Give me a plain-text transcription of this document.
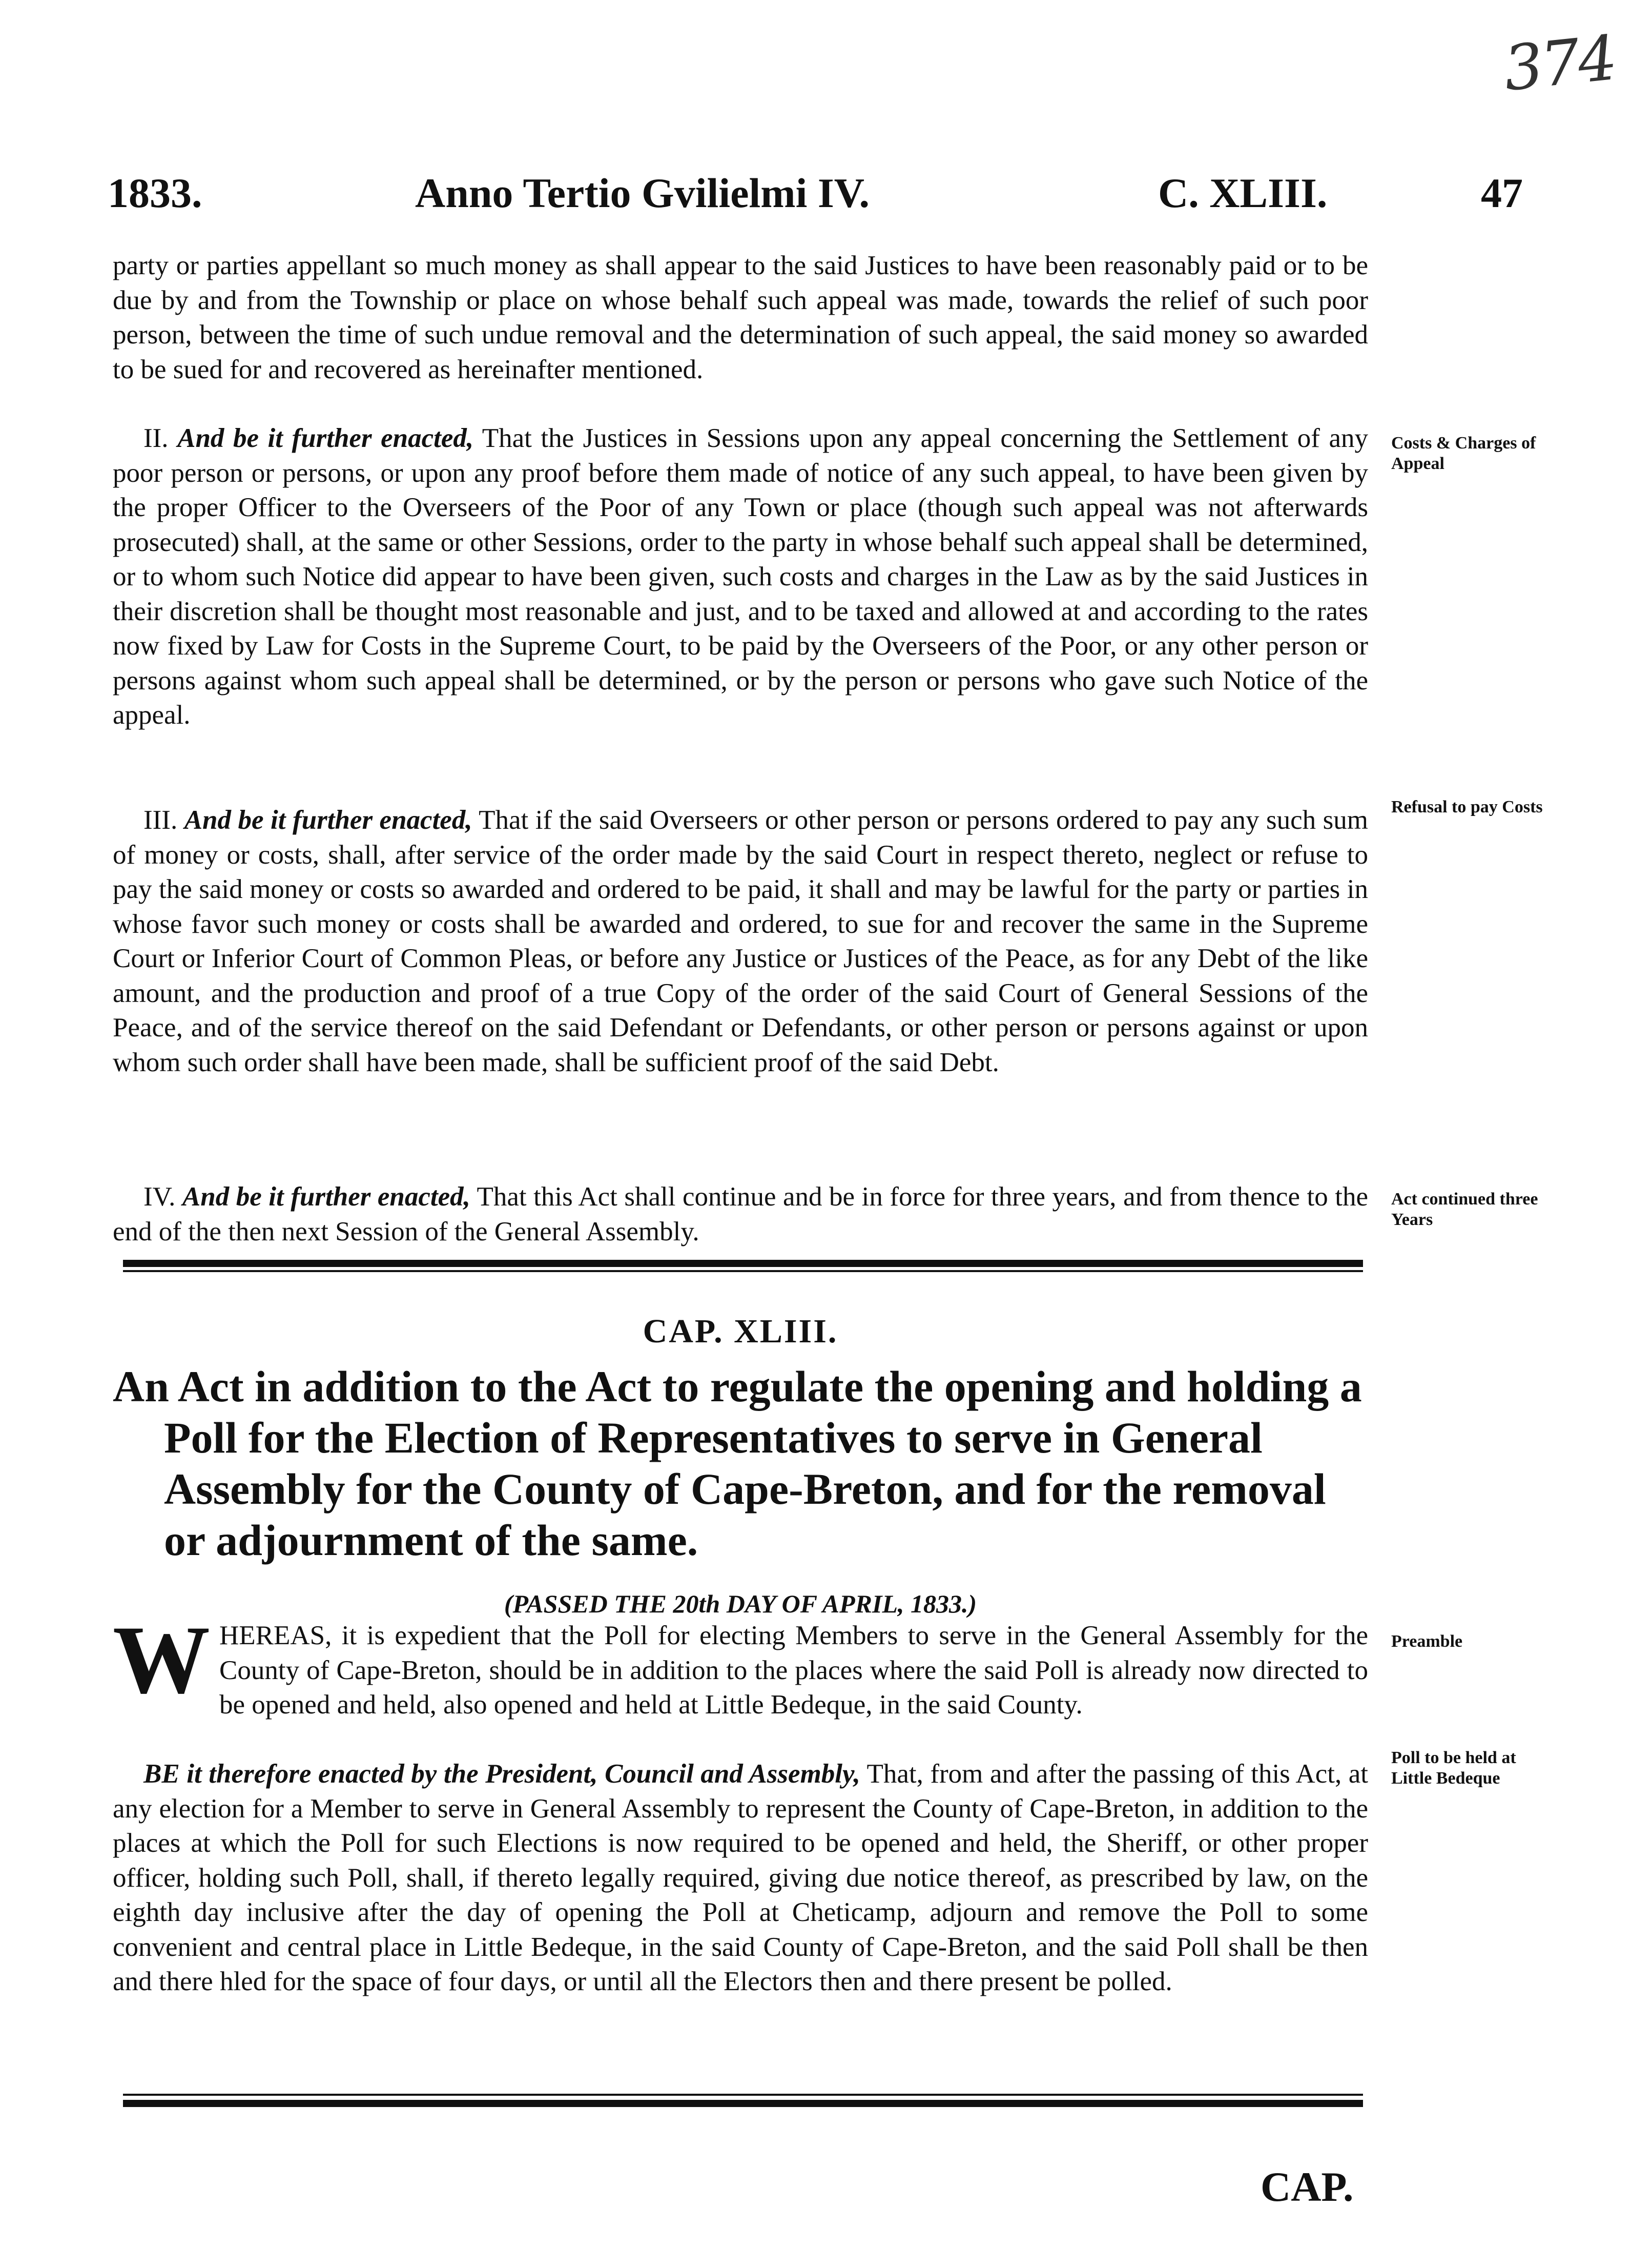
374
1833.	Anno Tertio Gvilielmi IV.	C. XLIII.	47
party or parties appellant so much money as shall appear to the said Justices to have been reasonably paid or to be due by and from the Township or place on whose behalf such appeal was made, towards the relief of such poor person, between the time of such undue removal and the determination of such appeal, the said money so awarded to be sued for and recovered as hereinafter mentioned.
II. And be it further enacted, That the Justices in Sessions upon any appeal concerning the Settlement of any poor person or persons, or upon any proof before them made of notice of any such appeal, to have been given by the proper Officer to the Overseers of the Poor of any Town or place (though such appeal was not afterwards prosecuted) shall, at the same or other Sessions, order to the party in whose behalf such appeal shall be determined, or to whom such Notice did appear to have been given, such costs and charges in the Law as by the said Justices in their discretion shall be thought most reasonable and just, and to be taxed and allowed at and according to the rates now fixed by Law for Costs in the Supreme Court, to be paid by the Overseers of the Poor, or any other person or persons against whom such appeal shall be determined, or by the person or persons who gave such Notice of the appeal.
III. And be it further enacted, That if the said Overseers or other person or persons ordered to pay any such sum of money or costs, shall, after service of the order made by the said Court in respect thereto, neglect or refuse to pay the said money or costs so awarded and ordered to be paid, it shall and may be lawful for the party or parties in whose favor such money or costs shall be awarded and ordered, to sue for and recover the same in the Supreme Court or Inferior Court of Common Pleas, or before any Justice or Justices of the Peace, as for any Debt of the like amount, and the production and proof of a true Copy of the order of the said Court of General Sessions of the Peace, and of the service thereof on the said Defendant or Defendants, or other person or persons against or upon whom such order shall have been made, shall be sufficient proof of the said Debt.
IV. And be it further enacted, That this Act shall continue and be in force for three years, and from thence to the end of the then next Session of the General Assembly.
Costs & Charges of Appeal
Refusal to pay Costs
Act continued three Years
CAP. XLIII.
An Act in addition to the Act to regulate the opening and holding a Poll for the Election of Representatives to serve in General Assembly for the County of Cape-Breton, and for the removal or adjournment of the same.
(PASSED THE 20th DAY OF APRIL, 1833.)
W HEREAS, it is expedient that the Poll for electing Members to serve in the General Assembly for the County of Cape-Breton, should be in addition to the places where the said Poll is already now directed to be opened and held, also opened and held at Little Bedeque, in the said County.
BE it therefore enacted by the President, Council and Assembly, That, from and after the passing of this Act, at any election for a Member to serve in General Assembly to represent the County of Cape-Breton, in addition to the places at which the Poll for such Elections is now required to be opened and held, the Sheriff, or other proper officer, holding such Poll, shall, if thereto legally required, giving due notice thereof, as prescribed by law, on the eighth day inclusive after the day of opening the Poll at Cheticamp, adjourn and remove the Poll to some convenient and central place in Little Bedeque, in the said County of Cape-Breton, and the said Poll shall be then and there hled for the space of four days, or until all the Electors then and there present be polled.
Preamble
Poll to be held at Little Bedeque
CAP.
